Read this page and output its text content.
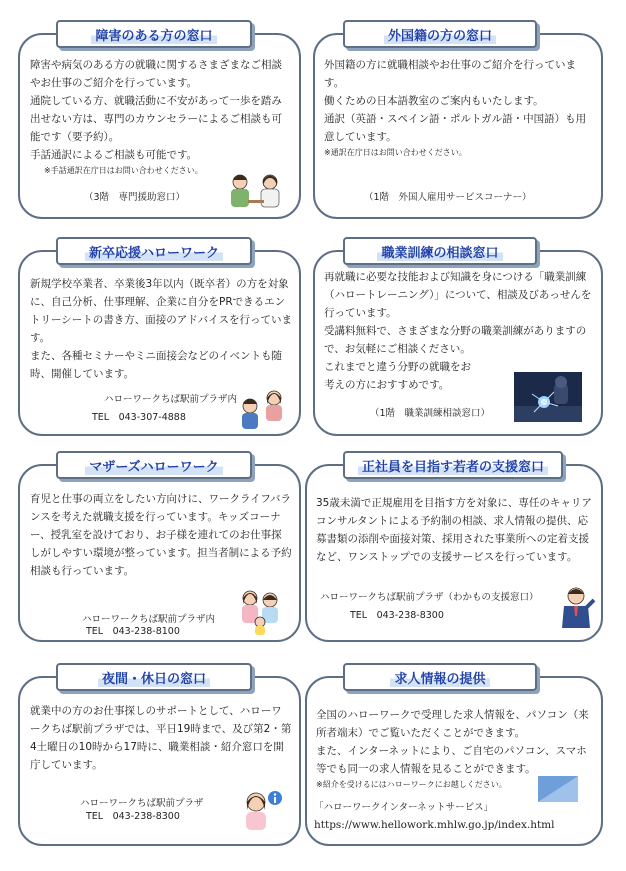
障害のある方の窓口

障害や病気のある方の就職に関するさまざまなご相談やお仕事のご紹介を行っています。

通院している方、就職活動に不安があって一歩を踏み出せない方は、専門のカウンセラーによるご相談も可能です（要予約）。

手話通訳によるご相談も可能です。

※手話通訳在庁日はお問い合わせください。

（3階　専門援助窓口）
外国籍の方の窓口

外国籍の方に就職相談やお仕事のご紹介を行っています。

働くための日本語教室のご案内もいたします。

通訳（英語・スペイン語・ポルトガル語・中国語）も用意しています。

※通訳在庁日はお問い合わせください。

（1階　外国人雇用サービスコーナー）
新卒応援ハローワーク

新規学校卒業者、卒業後3年以内（既卒者）の方を対象に、自己分析、仕事理解、企業に自分をPRできるエントリーシートの書き方、面接のアドバイスを行っています。

また、各種セミナーやミニ面接会などのイベントも随時、開催しています。

ハローワークちば駅前プラザ内
TEL　043-307-4888
職業訓練の相談窓口

再就職に必要な技能および知識を身につける「職業訓練（ハロートレーニング）」について、相談及びあっせんを行っています。

受講料無料で、さまざまな分野の職業訓練がありますので、お気軽にご相談ください。

これまでと違う分野の就職をお考えの方におすすめです。

（1階　職業訓練相談窓口）
マザーズハローワーク

育児と仕事の両立をしたい方向けに、ワークライフバランスを考えた就職支援を行っています。キッズコーナー、授乳室を設けており、お子様を連れてのお仕事探しがしやすい環境が整っています。担当者制による予約相談も行っています。

ハローワークちば駅前プラザ内
TEL　043-238-8100
正社員を目指す若者の支援窓口

35歳未満で正規雇用を目指す方を対象に、専任のキャリアコンサルタントによる予約制の相談、求人情報の提供、応募書類の添削や面接対策、採用された事業所への定着支援など、ワンストップでの支援サービスを行っています。

ハローワークちば駅前プラザ（わかもの支援窓口）
TEL　043-238-8300
夜間・休日の窓口

就業中の方のお仕事探しのサポートとして、ハローワークちば駅前プラザでは、平日19時まで、及び第2・第4土曜日の10時から17時に、職業相談・紹介窓口を開庁しています。

ハローワークちば駅前プラザ
TEL　043-238-8300
求人情報の提供

全国のハローワークで受理した求人情報を、パソコン（来所者端末）でご覧いただくことができます。

また、インターネットにより、ご自宅のパソコン、スマホ等でも同一の求人情報を見ることができます。

※紹介を受けるにはハローワークにお越しください。

「ハローワークインターネットサービス」
https://www.hellowork.mhlw.go.jp/index.html
